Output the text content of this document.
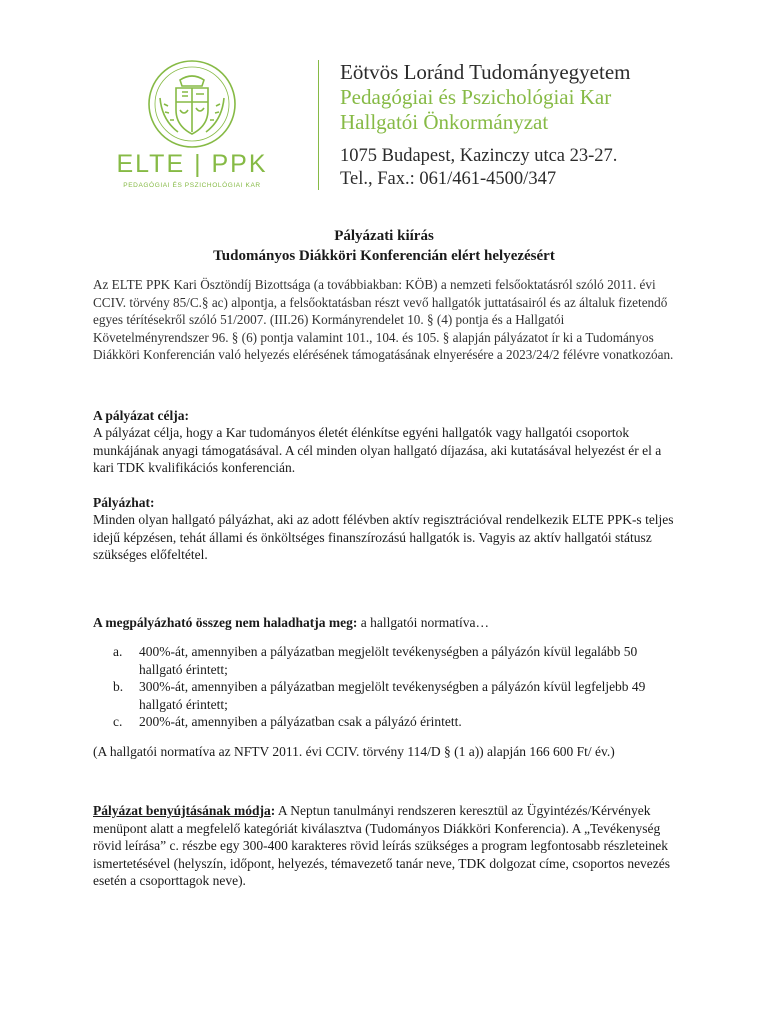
ELTE | PPK
PEDAGÓGIAI ÉS PSZICHOLÓGIAI KAR
Eötvös Loránd Tudományegyetem
Pedagógiai és Pszichológiai Kar
Hallgatói Önkormányzat
1075 Budapest, Kazinczy utca 23-27.
Tel., Fax.: 061/461-4500/347
Pályázati kiírás
Tudományos Diákköri Konferencián elért helyezésért

Az ELTE PPK Kari Ösztöndíj Bizottsága (a továbbiakban: KÖB) a nemzeti felsőoktatásról szóló 2011. évi CCIV. törvény 85/C.§ ac) alpontja, a felsőoktatásban részt vevő hallgatók juttatásairól és az általuk fizetendő egyes térítésekről szóló 51/2007. (III.26) Kormányrendelet 10. § (4) pontja és a Hallgatói Követelményrendszer 96. § (6) pontja valamint 101., 104. és 105. § alapján pályázatot ír ki a Tudományos Diákköri Konferencián való helyezés elérésének támogatásának elnyerésére a 2023/24/2 félévre vonatkozóan.

A pályázat célja:

A pályázat célja, hogy a Kar tudományos életét élénkítse egyéni hallgatók vagy hallgatói csoportok munkájának anyagi támogatásával. A cél minden olyan hallgató díjazása, aki kutatásával helyezést ér el a kari TDK kvalifikációs konferencián.

Pályázhat:

Minden olyan hallgató pályázhat, aki az adott félévben aktív regisztrációval rendelkezik ELTE PPK-s teljes idejű képzésen, tehát állami és önköltséges finanszírozású hallgatók is. Vagyis az aktív hallgatói státusz szükséges előfeltétel.

A megpályázható összeg nem haladhatja meg: a hallgatói normatíva…

a. 400%-át, amennyiben a pályázatban megjelölt tevékenységben a pályázón kívül legalább 50 hallgató érintett;
b. 300%-át, amennyiben a pályázatban megjelölt tevékenységben a pályázón kívül legfeljebb 49 hallgató érintett;
c. 200%-át, amennyiben a pályázatban csak a pályázó érintett.

(A hallgatói normatíva az NFTV 2011. évi CCIV. törvény 114/D § (1 a)) alapján 166 600 Ft/ év.)

Pályázat benyújtásának módja: A Neptun tanulmányi rendszeren keresztül az Ügyintézés/Kérvények menüpont alatt a megfelelő kategóriát kiválasztva (Tudományos Diákköri Konferencia). A „Tevékenység rövid leírása” c. részbe egy 300-400 karakteres rövid leírás szükséges a program legfontosabb részleteinek ismertetésével (helyszín, időpont, helyezés, témavezető tanár neve, TDK dolgozat címe, csoportos nevezés esetén a csoporttagok neve).
